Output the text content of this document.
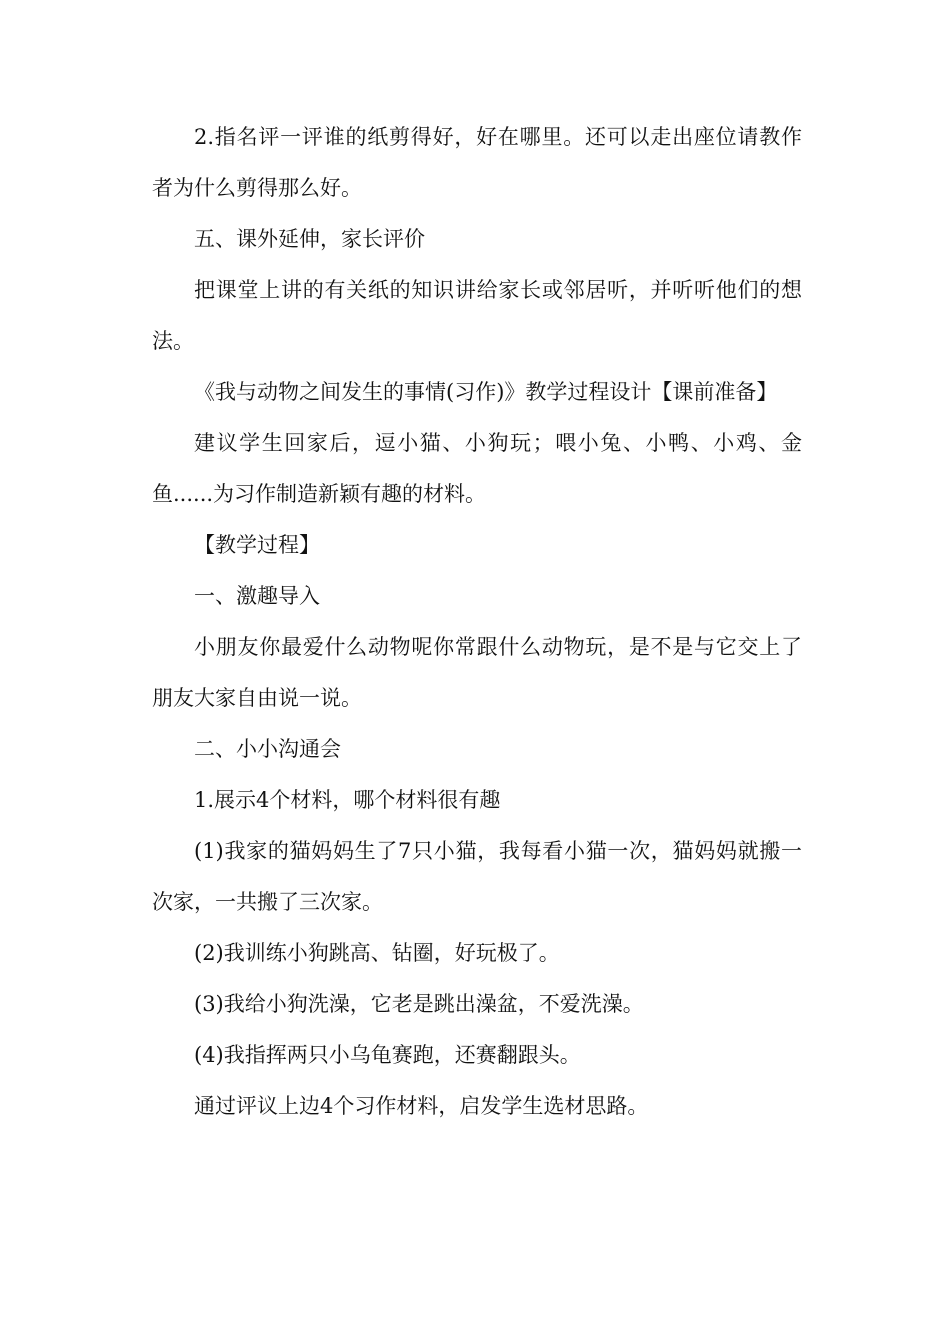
2.指名评一评谁的纸剪得好，好在哪里。还可以走出座位请教作者为什么剪得那么好。

五、课外延伸，家长评价

把课堂上讲的有关纸的知识讲给家长或邻居听，并听听他们的想法。

《我与动物之间发生的事情(习作)》教学过程设计【课前准备】

建议学生回家后，逗小猫、小狗玩；喂小兔、小鸭、小鸡、金鱼......为习作制造新颖有趣的材料。

【教学过程】

一、激趣导入

小朋友你最爱什么动物呢你常跟什么动物玩，是不是与它交上了朋友大家自由说一说。

二、小小沟通会

1.展示4个材料，哪个材料很有趣

(1)我家的猫妈妈生了7只小猫，我每看小猫一次，猫妈妈就搬一次家，一共搬了三次家。

(2)我训练小狗跳高、钻圈，好玩极了。

(3)我给小狗洗澡，它老是跳出澡盆，不爱洗澡。

(4)我指挥两只小乌龟赛跑，还赛翻跟头。

通过评议上边4个习作材料，启发学生选材思路。
